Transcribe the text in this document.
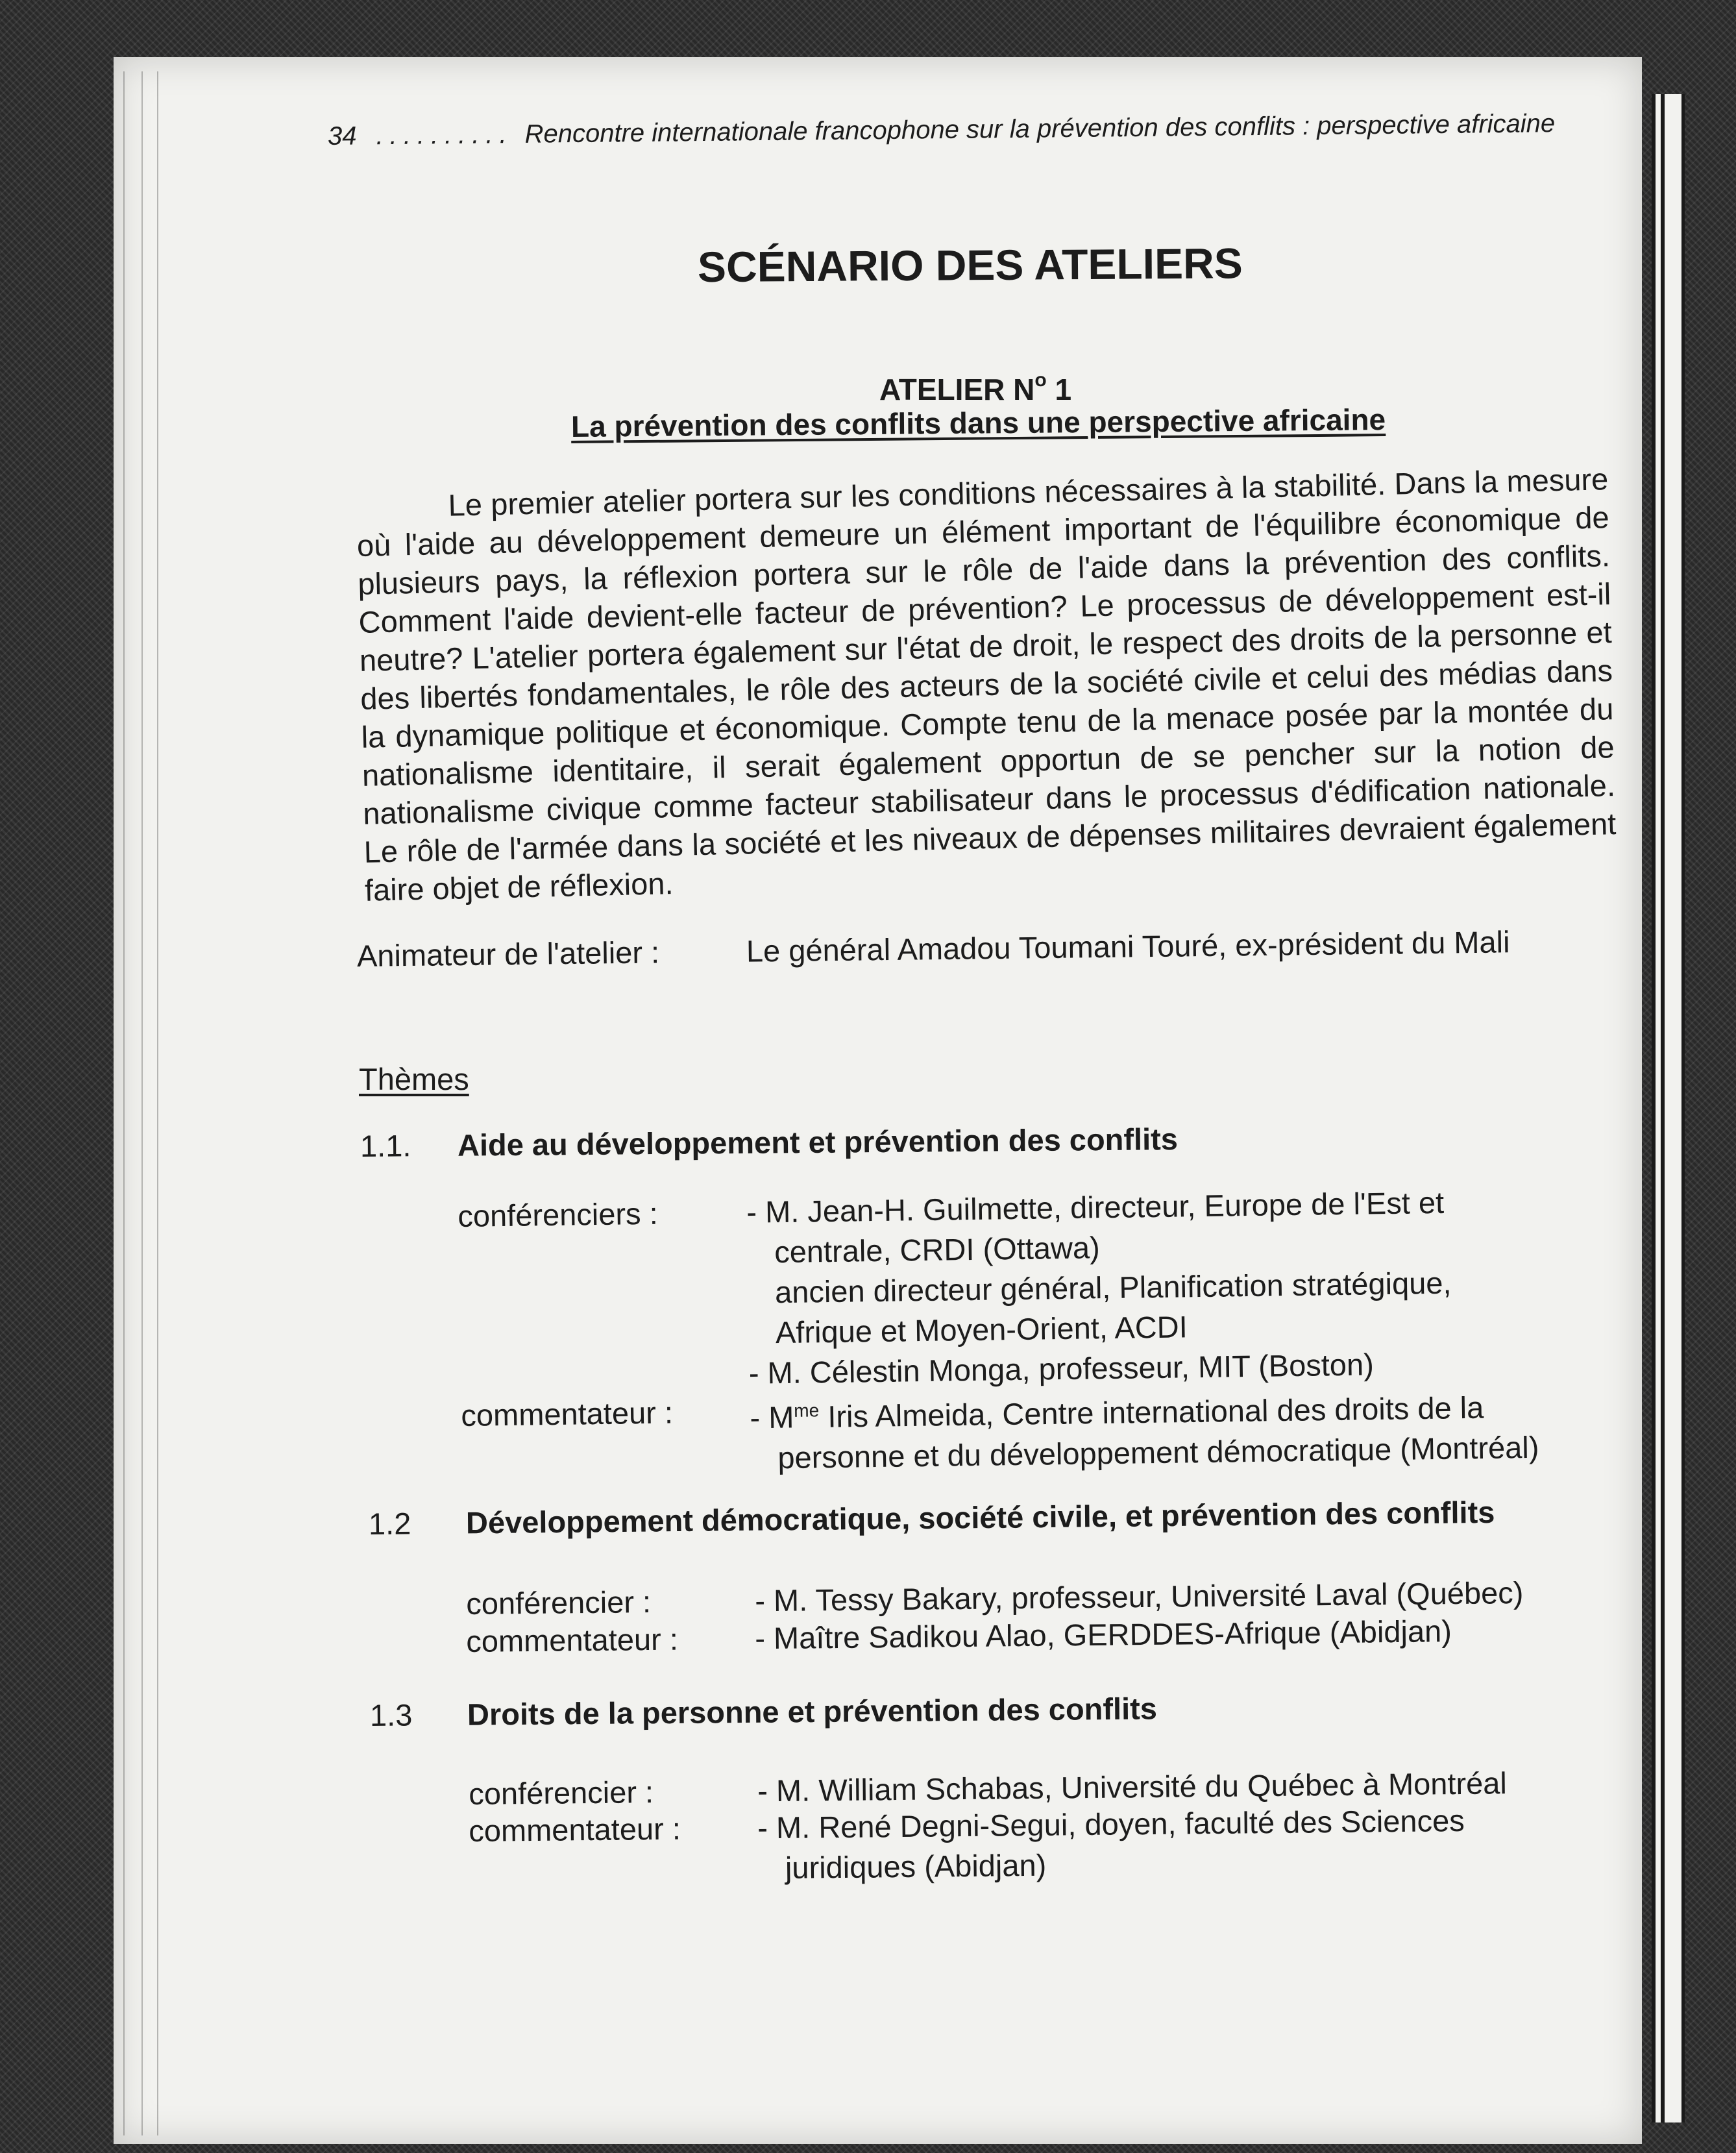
34 .......... Rencontre internationale francophone sur la prévention des conflits : perspective africaine
SCÉNARIO DES ATELIERS
ATELIER $N^o$ 1
La prévention des conflits dans une perspective africaine
Le premier atelier portera sur les conditions nécessaires à la stabilité. Dans la mesure où l'aide au développement demeure un élément important de l'équilibre économique de plusieurs pays, la réflexion portera sur le rôle de l'aide dans la prévention des conflits. Comment l'aide devient-elle facteur de prévention? Le processus de développement est-il neutre? L'atelier portera également sur l'état de droit, le respect des droits de la personne et des libertés fondamentales, le rôle des acteurs de la société civile et celui des médias dans la dynamique politique et économique. Compte tenu de la menace posée par la montée du nationalisme identitaire, il serait également opportun de se pencher sur la notion de nationalisme civique comme facteur stabilisateur dans le processus d'édification nationale. Le rôle de l'armée dans la société et les niveaux de dépenses militaires devraient également faire objet de réflexion.
Animateur de l'atelier :	Le général Amadou Toumani Touré, ex-président du Mali
Thèmes
1.1. Aide au développement et prévention des conflits
conférenciers :	- M. Jean-H. Guilmette, directeur, Europe de l'Est et
centrale, CRDI (Ottawa)
ancien directeur général, Planification stratégique,
Afrique et Moyen-Orient, ACDI
- M. Célestin Monga, professeur, MIT (Boston)
commentateur :	- $M^{me}$ Iris Almeida, Centre international des droits de la
personne et du développement démocratique (Montréal)
1.2 Développement démocratique, société civile, et prévention des conflits
conférencier :	- M. Tessy Bakary, professeur, Université Laval (Québec)
commentateur :	- Maître Sadikou Alao, GERDDES-Afrique (Abidjan)
1.3 Droits de la personne et prévention des conflits
conférencier :	- M. William Schabas, Université du Québec à Montréal
commentateur :	- M. René Degni-Segui, doyen, faculté des Sciences
juridiques (Abidjan)
